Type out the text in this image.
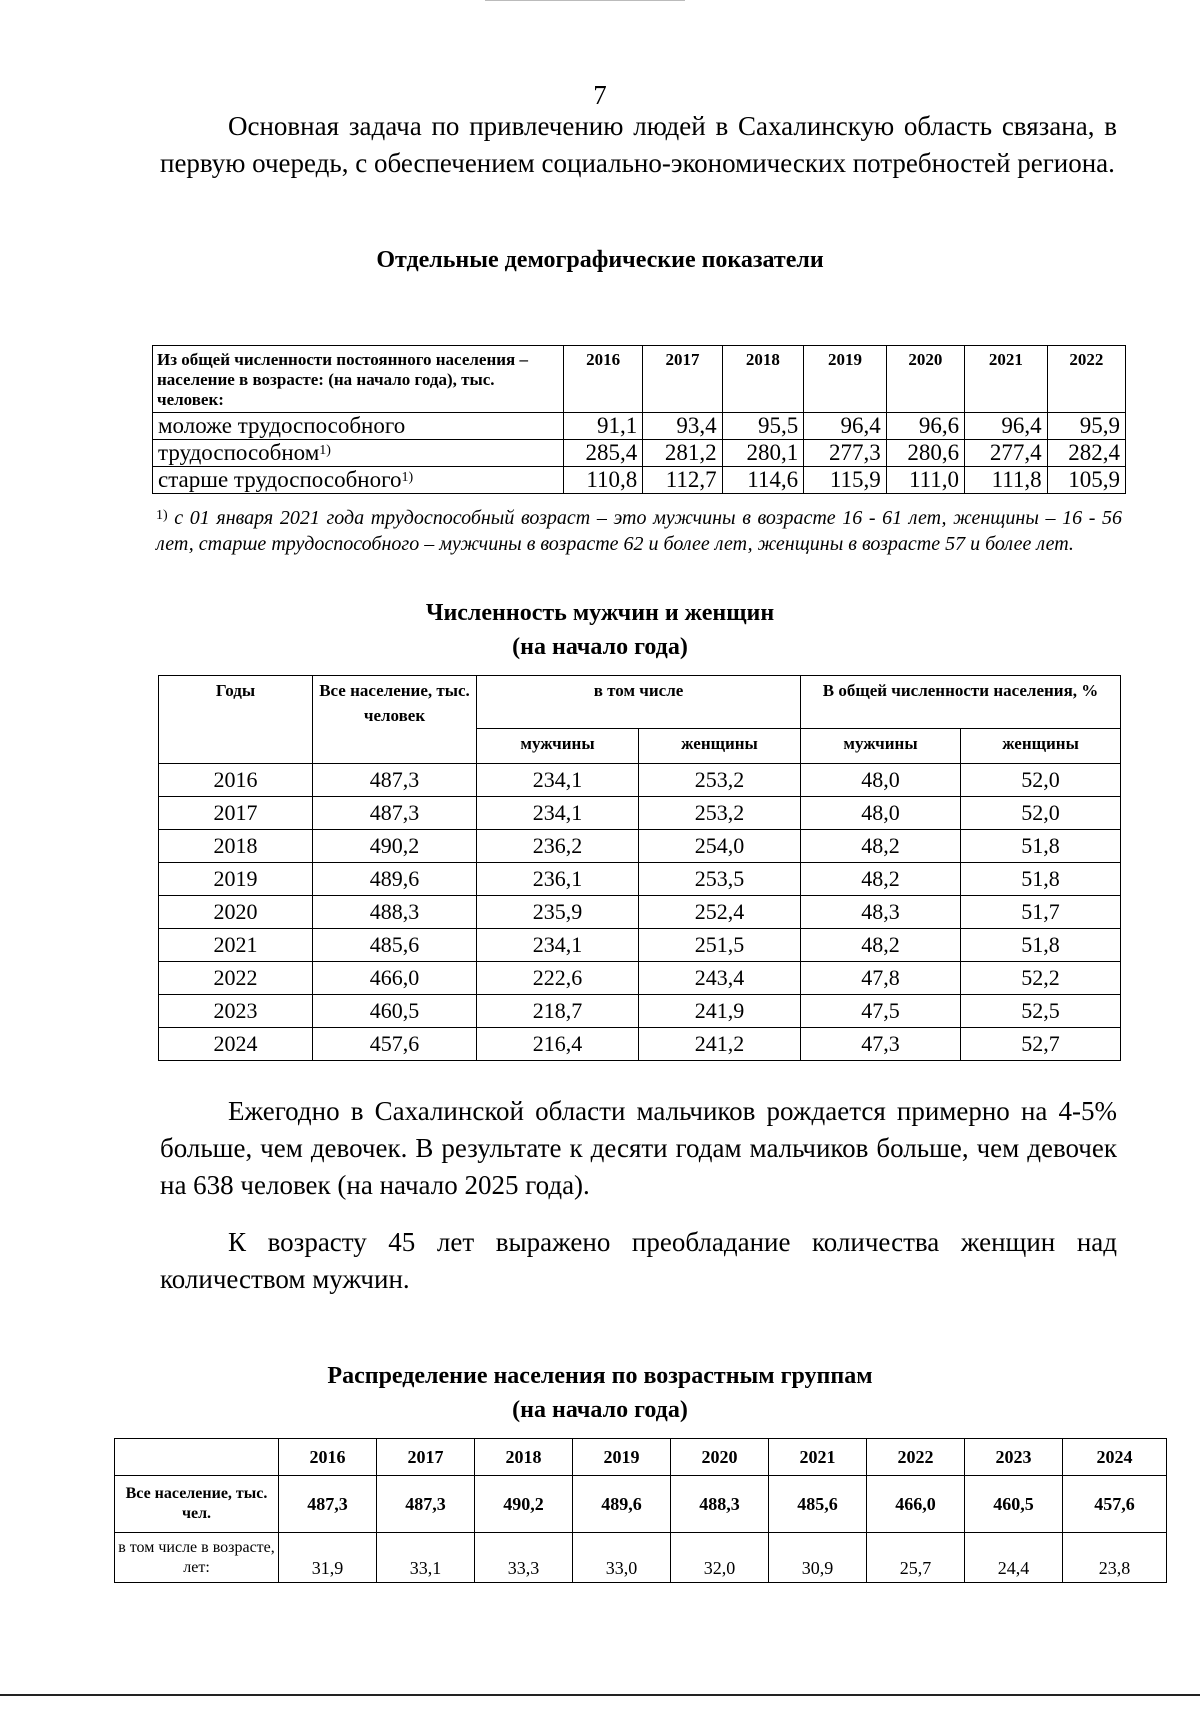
7
Основная задача по привлечению людей в Сахалинскую область связана, в первую очередь, с обеспечением социально-экономических потребностей региона.
Отдельные демографические показатели
Из общей численности постоянного населения – население в возрасте: (на начало года), тыс. человек:	2016	2017	2018	2019	2020	2021	2022
моложе трудоспособного	91,1	93,4	95,5	96,4	96,6	96,4	95,9
трудоспособном$^{1)}$	285,4	281,2	280,1	277,3	280,6	277,4	282,4
старше трудоспособного$^{1)}$	110,8	112,7	114,6	115,9	111,0	111,8	105,9
$^{1)}$ с 01 января 2021 года трудоспособный возраст – это мужчины в возрасте 16 - 61 лет, женщины – 16 - 56 лет, старше трудоспособного – мужчины в возрасте 62 и более лет, женщины в возрасте 57 и более лет.
Численность мужчин и женщин
(на начало года)
Годы	Все население, тыс. человек	в том числе		В общей численности населения, %	
		мужчины	женщины	мужчины	женщины
2016	487,3	234,1	253,2	48,0	52,0
2017	487,3	234,1	253,2	48,0	52,0
2018	490,2	236,2	254,0	48,2	51,8
2019	489,6	236,1	253,5	48,2	51,8
2020	488,3	235,9	252,4	48,3	51,7
2021	485,6	234,1	251,5	48,2	51,8
2022	466,0	222,6	243,4	47,8	52,2
2023	460,5	218,7	241,9	47,5	52,5
2024	457,6	216,4	241,2	47,3	52,7
Ежегодно в Сахалинской области мальчиков рождается примерно на 4-5% больше, чем девочек. В результате к десяти годам мальчиков больше, чем девочек на 638 человек (на начало 2025 года).
К возрасту 45 лет выражено преобладание количества женщин над количеством мужчин.
Распределение населения по возрастным группам
(на начало года)
	2016	2017	2018	2019	2020	2021	2022	2023	2024
Все население, тыс. чел.	487,3	487,3	490,2	489,6	488,3	485,6	466,0	460,5	457,6
в том числе в возрасте, лет:	31,9	33,1	33,3	33,0	32,0	30,9	25,7	24,4	23,8
